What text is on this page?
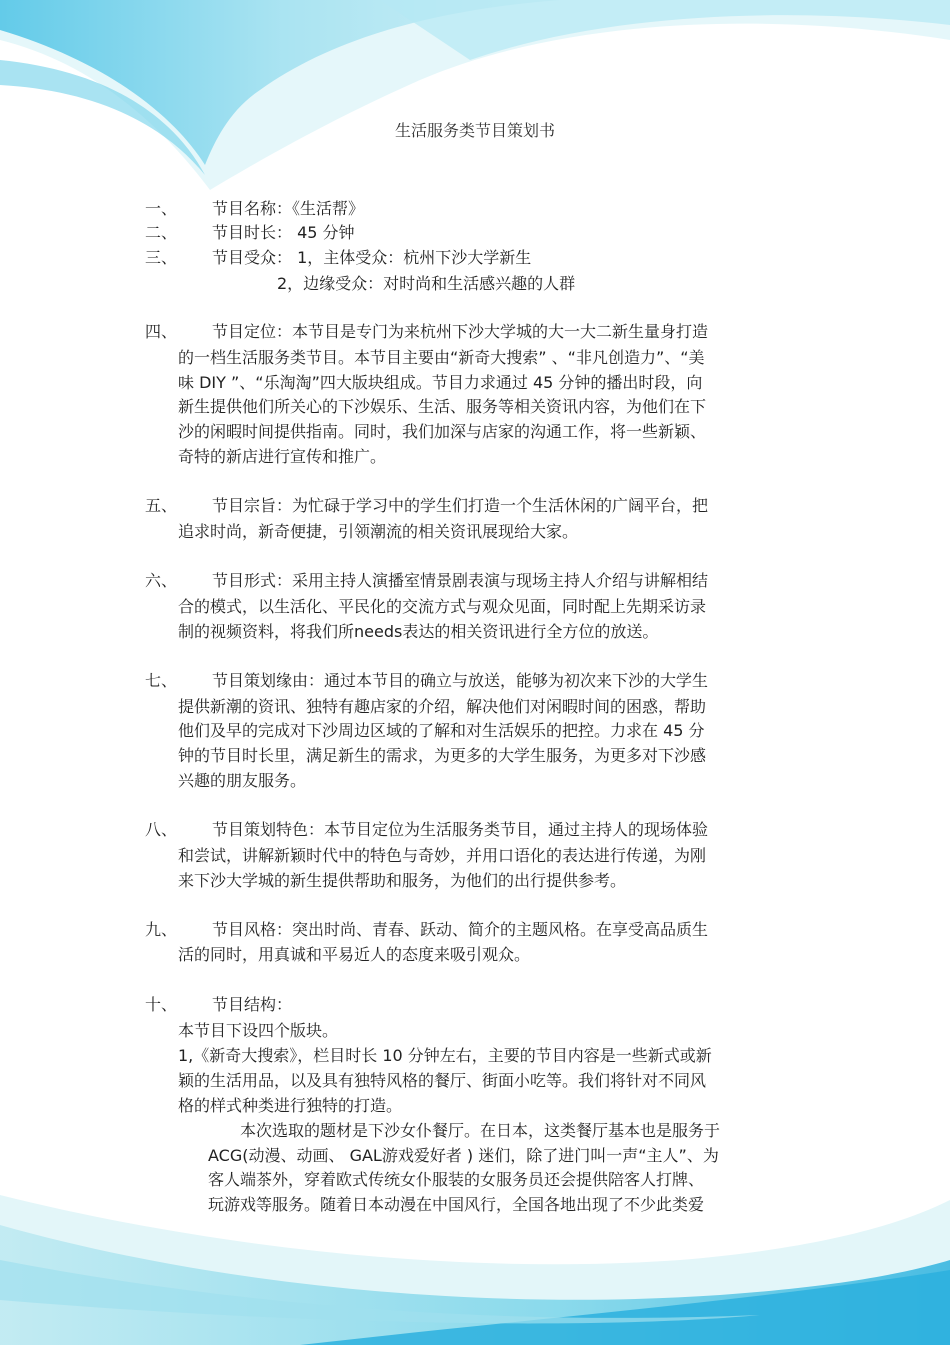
生活服务类节目策划书
一、 节目名称：《生活帮》
二、 节目时长： 45 分钟
三、 节目受众： 1，主体受众：杭州下沙大学新生
2，边缘受众：对时尚和生活感兴趣的人群
四、 节目定位：本节目是专门为来杭州下沙大学城的大一大二新生量身打造
的一档生活服务类节目。本节目主要由“新奇大搜索” 、“非凡创造力”、“美
味 DIY ”、“乐淘淘”四大版块组成。节目力求通过 45 分钟的播出时段，向
新生提供他们所关心的下沙娱乐、生活、服务等相关资讯内容，为他们在下
沙的闲暇时间提供指南。同时，我们加深与店家的沟通工作，将一些新颖、
奇特的新店进行宣传和推广。
五、 节目宗旨：为忙碌于学习中的学生们打造一个生活休闲的广阔平台，把
追求时尚，新奇便捷，引领潮流的相关资讯展现给大家。
六、 节目形式：采用主持人演播室情景剧表演与现场主持人介绍与讲解相结
合的模式，以生活化、平民化的交流方式与观众见面，同时配上先期采访录
制的视频资料，将我们所needs表达的相关资讯进行全方位的放送。
七、 节目策划缘由：通过本节目的确立与放送，能够为初次来下沙的大学生
提供新潮的资讯、独特有趣店家的介绍，解决他们对闲暇时间的困惑，帮助
他们及早的完成对下沙周边区域的了解和对生活娱乐的把控。力求在 45 分
钟的节目时长里，满足新生的需求，为更多的大学生服务，为更多对下沙感
兴趣的朋友服务。
八、 节目策划特色：本节目定位为生活服务类节目，通过主持人的现场体验
和尝试，讲解新颖时代中的特色与奇妙，并用口语化的表达进行传递，为刚
来下沙大学城的新生提供帮助和服务，为他们的出行提供参考。
九、 节目风格：突出时尚、青春、跃动、简介的主题风格。在享受高品质生
活的同时，用真诚和平易近人的态度来吸引观众。
十、 节目结构：
本节目下设四个版块。
1,《新奇大搜索》，栏目时长 10 分钟左右，主要的节目内容是一些新式或新
颖的生活用品，以及具有独特风格的餐厅、街面小吃等。我们将针对不同风
格的样式种类进行独特的打造。
本次选取的题材是下沙女仆餐厅。在日本，这类餐厅基本也是服务于
ACG(动漫、动画、 GAL游戏爱好者 ) 迷们，除了进门叫一声“主人”、为
客人端茶外，穿着欧式传统女仆服装的女服务员还会提供陪客人打牌、
玩游戏等服务。随着日本动漫在中国风行，全国各地出现了不少此类爱
